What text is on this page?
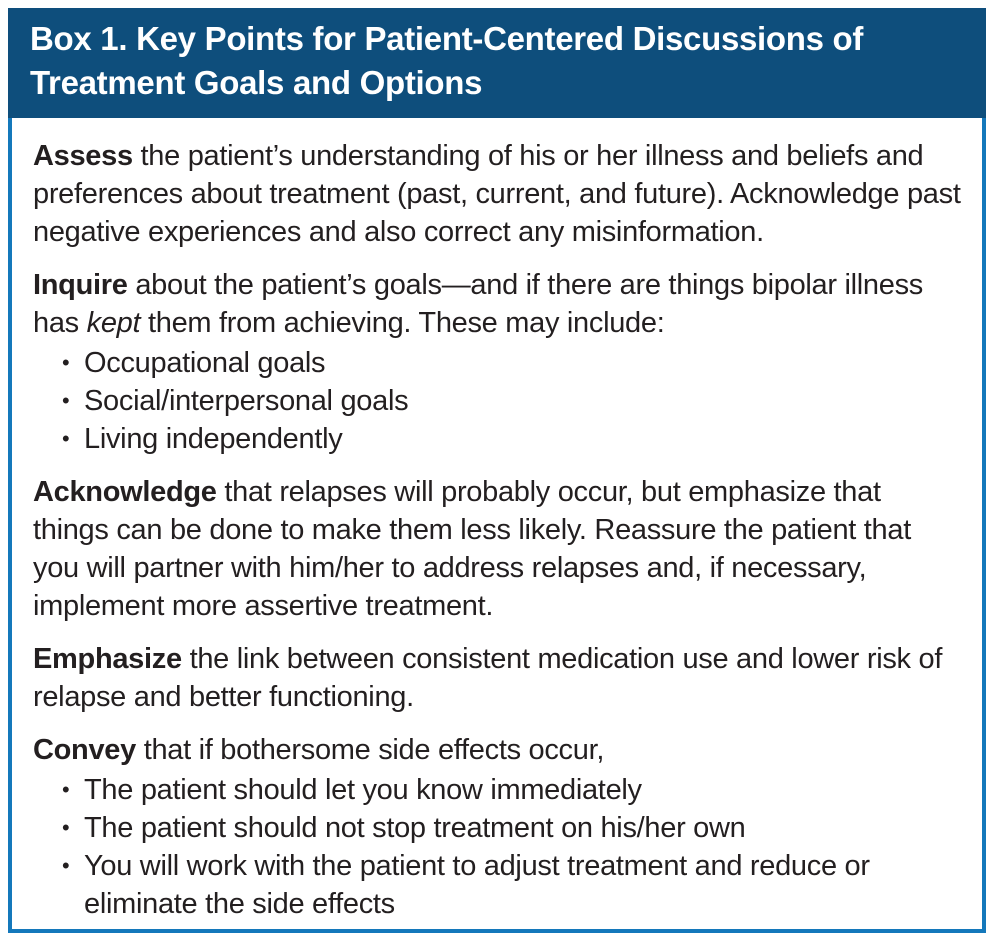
Box 1. Key Points for Patient-Centered Discussions of Treatment Goals and Options

Assess the patient’s understanding of his or her illness and beliefs and preferences about treatment (past, current, and future). Acknowledge past negative experiences and also correct any misinformation.

Inquire about the patient’s goals—and if there are things bipolar illness has kept them from achieving. These may include:

• Occupational goals
• Social/interpersonal goals
• Living independently

Acknowledge that relapses will probably occur, but emphasize that things can be done to make them less likely. Reassure the patient that you will partner with him/her to address relapses and, if necessary, implement more assertive treatment.

Emphasize the link between consistent medication use and lower risk of relapse and better functioning.

Convey that if bothersome side effects occur,

• The patient should let you know immediately
• The patient should not stop treatment on his/her own
• You will work with the patient to adjust treatment and reduce or eliminate the side effects
